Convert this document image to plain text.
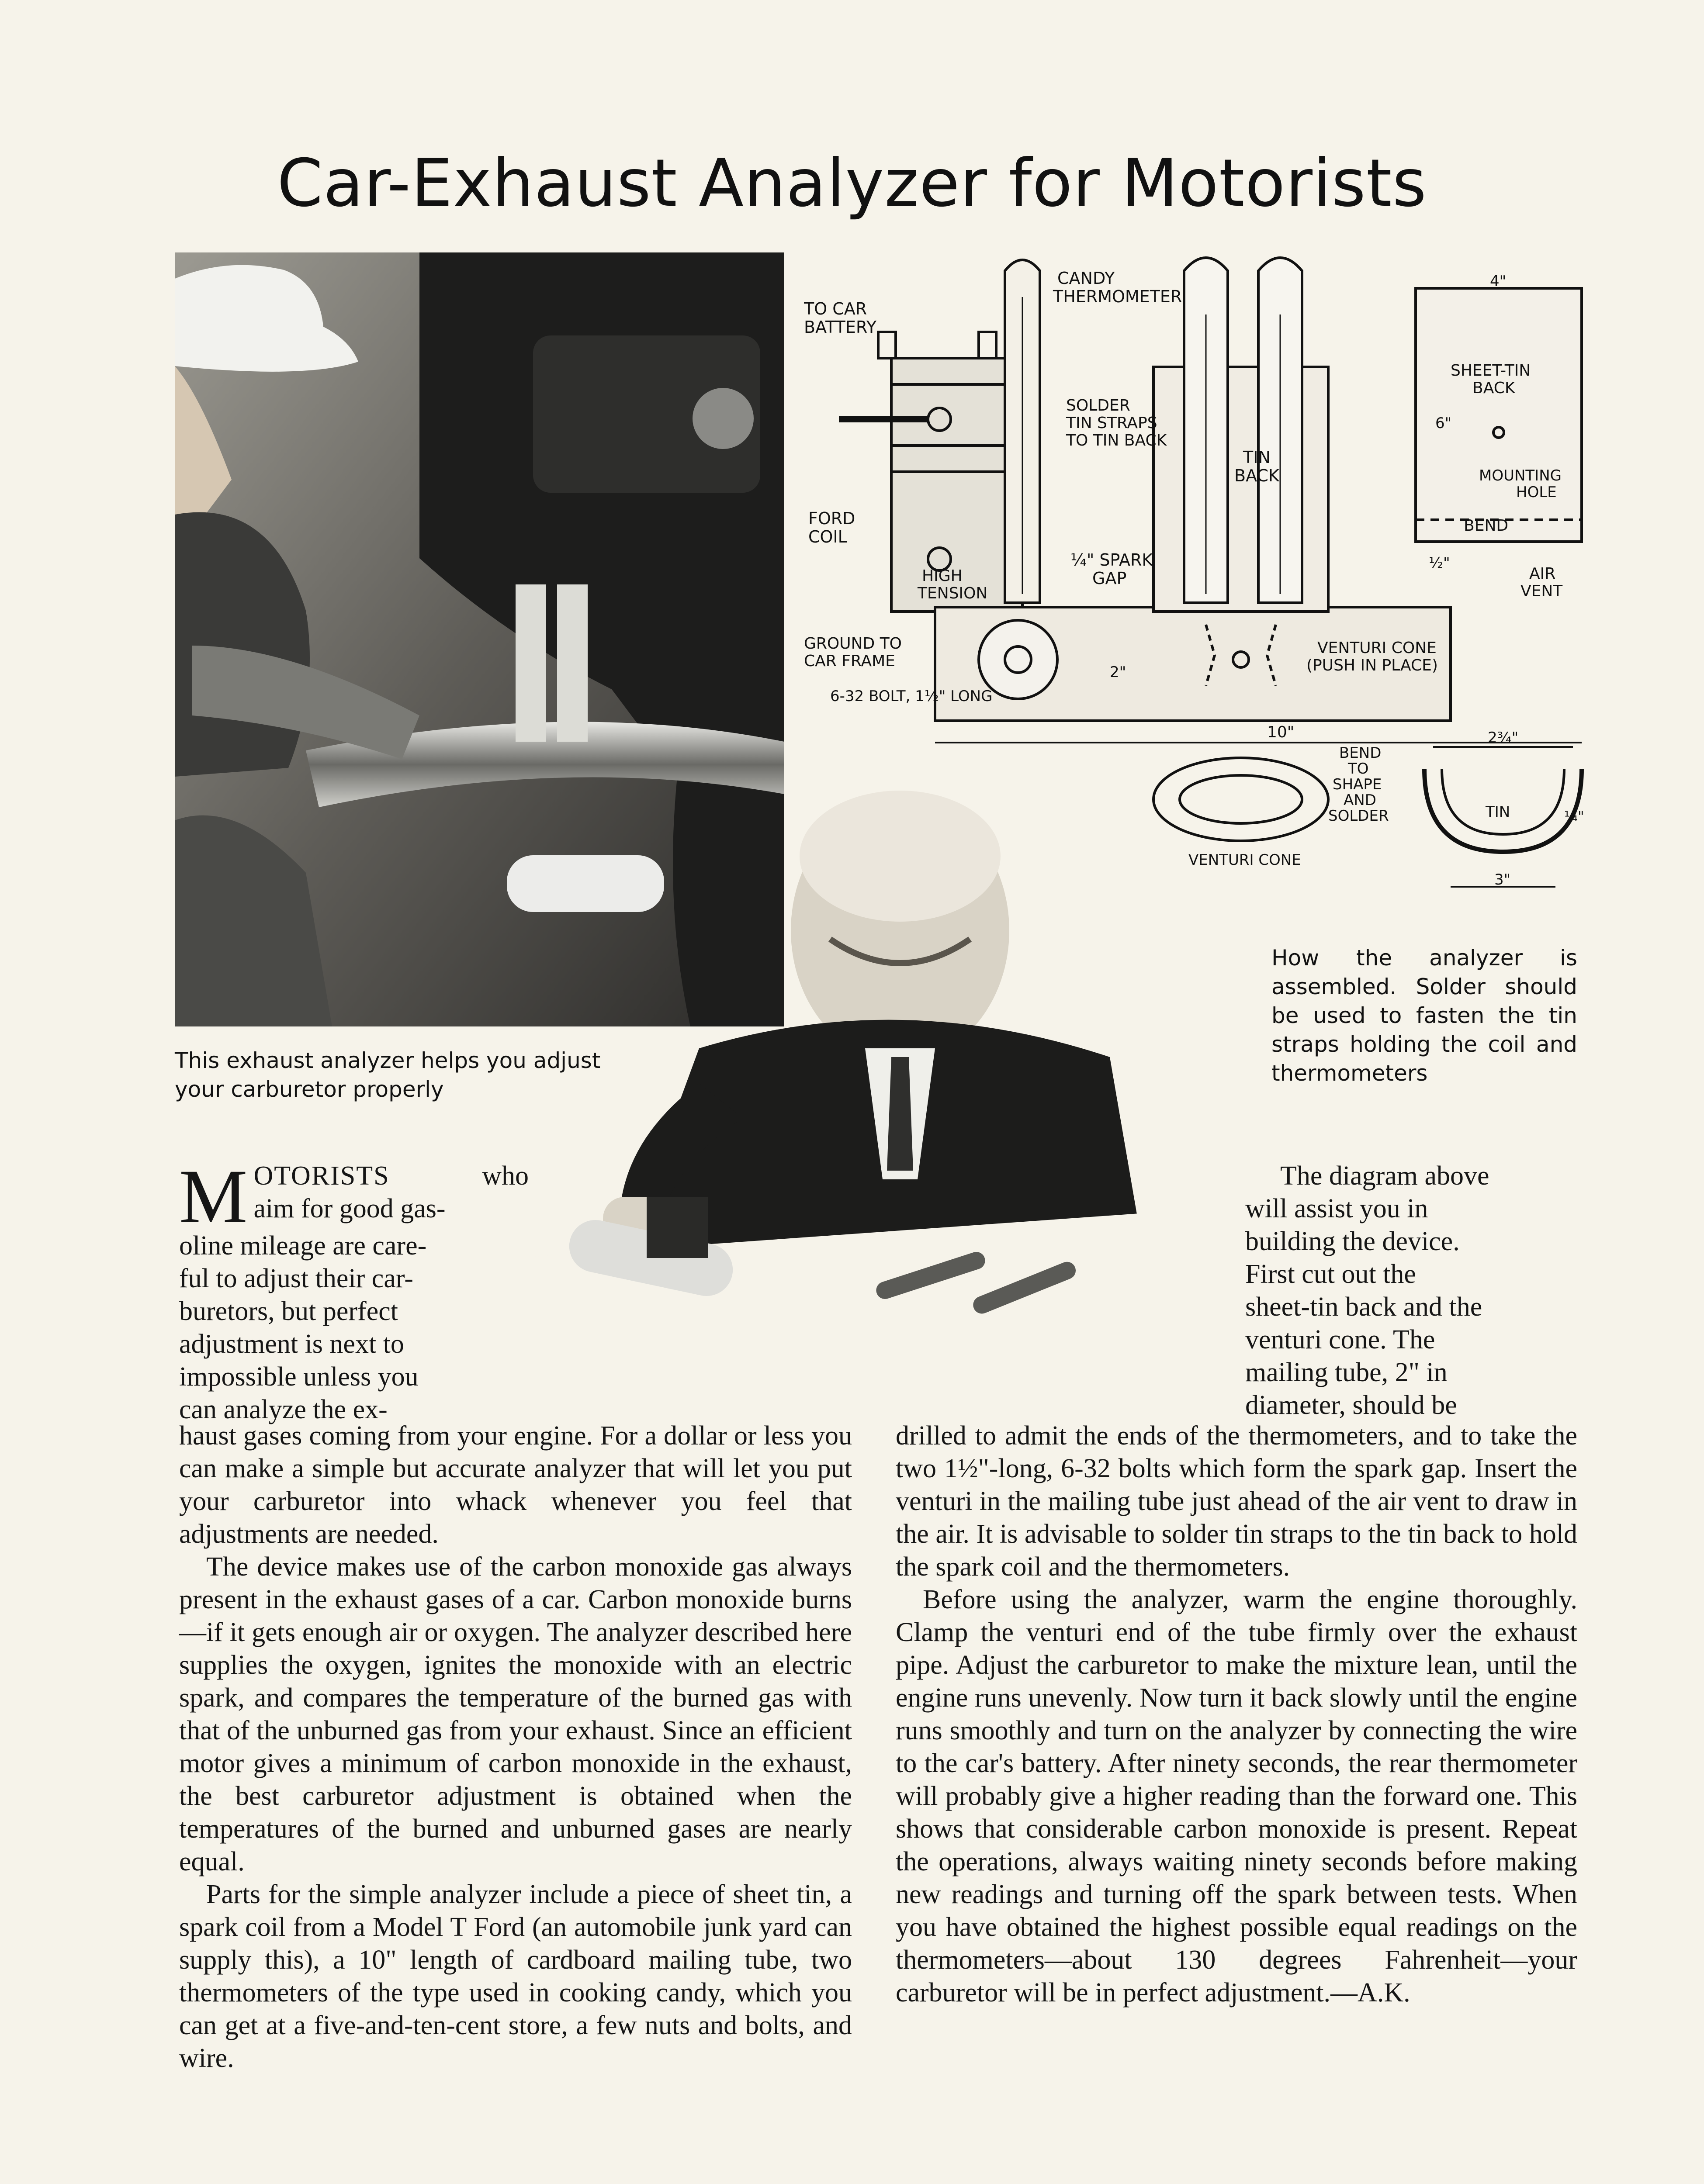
Car-Exhaust Analyzer for Motorists
This exhaust analyzer helps you adjust your carburetor properly
TO CAR BATTERY
CANDY THERMOMETER
SOLDER TIN STRAPS TO TIN BACK
FORD COIL
HIGH TENSION
¼" SPARK GAP
GROUND TO CAR FRAME
6-32 BOLT, 1½" LONG
TIN BACK
SHEET-TIN BACK
MOUNTING HOLE
BEND
AIR VENT
VENTURI CONE (PUSH IN PLACE)
BEND TO SHAPE AND SOLDER
VENTURI CONE
TIN
4"
6"
½"
2"
10"	2¾"
3"
¼"
How the analyzer is assembled. Solder should be used to fasten the tin straps holding the coil and thermometers
M OTORISTS	who
aim for good gas-
oline mileage are care-
ful to adjust their car-
buretors, but perfect
adjustment is next to
impossible unless you
can analyze the ex-

haust gases coming from your engine. For a dollar or less you can make a simple but accurate analyzer that will let you put your carburetor into whack whenever you feel that adjustments are needed.

The device makes use of the carbon monoxide gas always present in the exhaust gases of a car. Carbon monoxide burns—if it gets enough air or oxygen. The analyzer described here supplies the oxygen, ignites the monoxide with an electric spark, and compares the temperature of the burned gas with that of the unburned gas from your exhaust. Since an efficient motor gives a minimum of carbon monoxide in the exhaust, the best carburetor adjustment is obtained when the temperatures of the burned and unburned gases are nearly equal.

Parts for the simple analyzer include a piece of sheet tin, a spark coil from a Model T Ford (an automobile junk yard can supply this), a 10" length of cardboard mailing tube, two thermometers of the type used in cooking candy, which you can get at a five-and-ten-cent store, a few nuts and bolts, and wire.

The diagram above
will assist you in
building the device.
First cut out the
sheet-tin back and the
venturi cone. The
mailing tube, 2" in
diameter, should be

drilled to admit the ends of the thermometers, and to take the two 1½"-long, 6-32 bolts which form the spark gap. Insert the venturi in the mailing tube just ahead of the air vent to draw in the air. It is advisable to solder tin straps to the tin back to hold the spark coil and the thermometers.

Before using the analyzer, warm the engine thoroughly. Clamp the venturi end of the tube firmly over the exhaust pipe. Adjust the carburetor to make the mixture lean, until the engine runs unevenly. Now turn it back slowly until the engine runs smoothly and turn on the analyzer by connecting the wire to the car's battery. After ninety seconds, the rear thermometer will probably give a higher reading than the forward one. This shows that considerable carbon monoxide is present. Repeat the operations, always waiting ninety seconds before making new readings and turning off the spark between tests. When you have obtained the highest possible equal readings on the thermometers—about 130 degrees Fahrenheit—your carburetor will be in perfect adjustment.—A.K.
